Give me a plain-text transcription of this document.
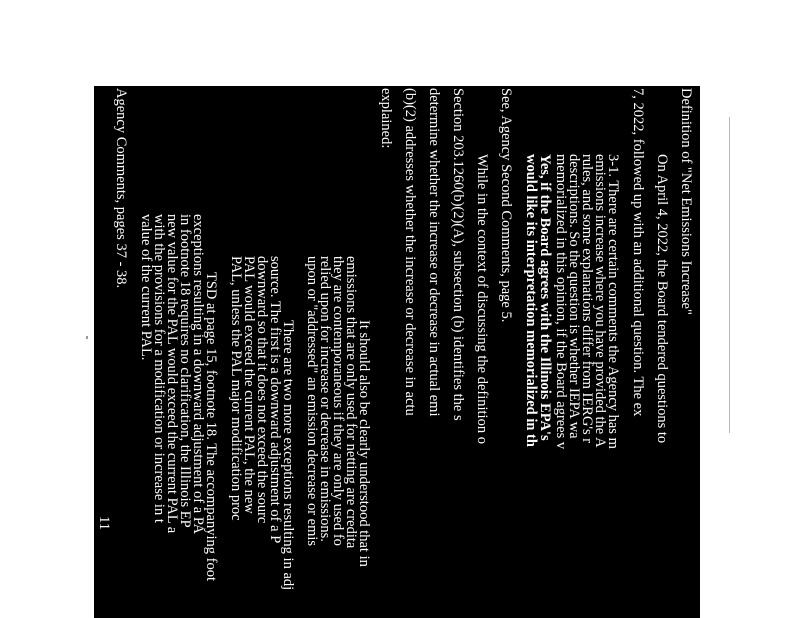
Definition of "Net Emissions Increase"
On April 4, 2022, the Board tendered questions to
7, 2022, followed up with an additional question. The ex
3-1. There are certain comments the Agency has m
emissions increase where you have provided the A
rules, and some explanations differ from IERG's r
descriptions. So the question is whether IEPA wa
memorialized in this opinion, if the Board agrees v
Yes, if the Board agrees with the Illinois EPA's
would like its interpretation memorialized in th
See, Agency Second Comments, page 5.
While in the context of discussing the definition o
Section 203.1260(b)(2)(A), subsection (b) identifies the s
determine whether the increase or decrease in actual emi
(b)(2) addresses whether the increase or decrease in actu
explained:
It should also be clearly understood that in
emissions that are only used for netting are credita
they are contemporaneous if they are only used fo
relied upon for increase or decrease in emissions.
upon or "addressed" an emission decrease or emis
There are two more exceptions resulting in adj
source. The first is a downward adjustment of a P
downward so that it does not exceed the sourc
PAL would exceed the current PAL, the new
PAL, unless the PAL major modification proc
TSD at page 15, footnote 18. The accompanying foot
exceptions resulting in a downward adjustment of a PA
in footnote 18 requires no clarification, the Illinois EP
new value for the PAL would exceed the current PAL a
with the provisions for a modification or increase in t
value of the current PAL.
Agency Comments, pages 37 - 38.
11
